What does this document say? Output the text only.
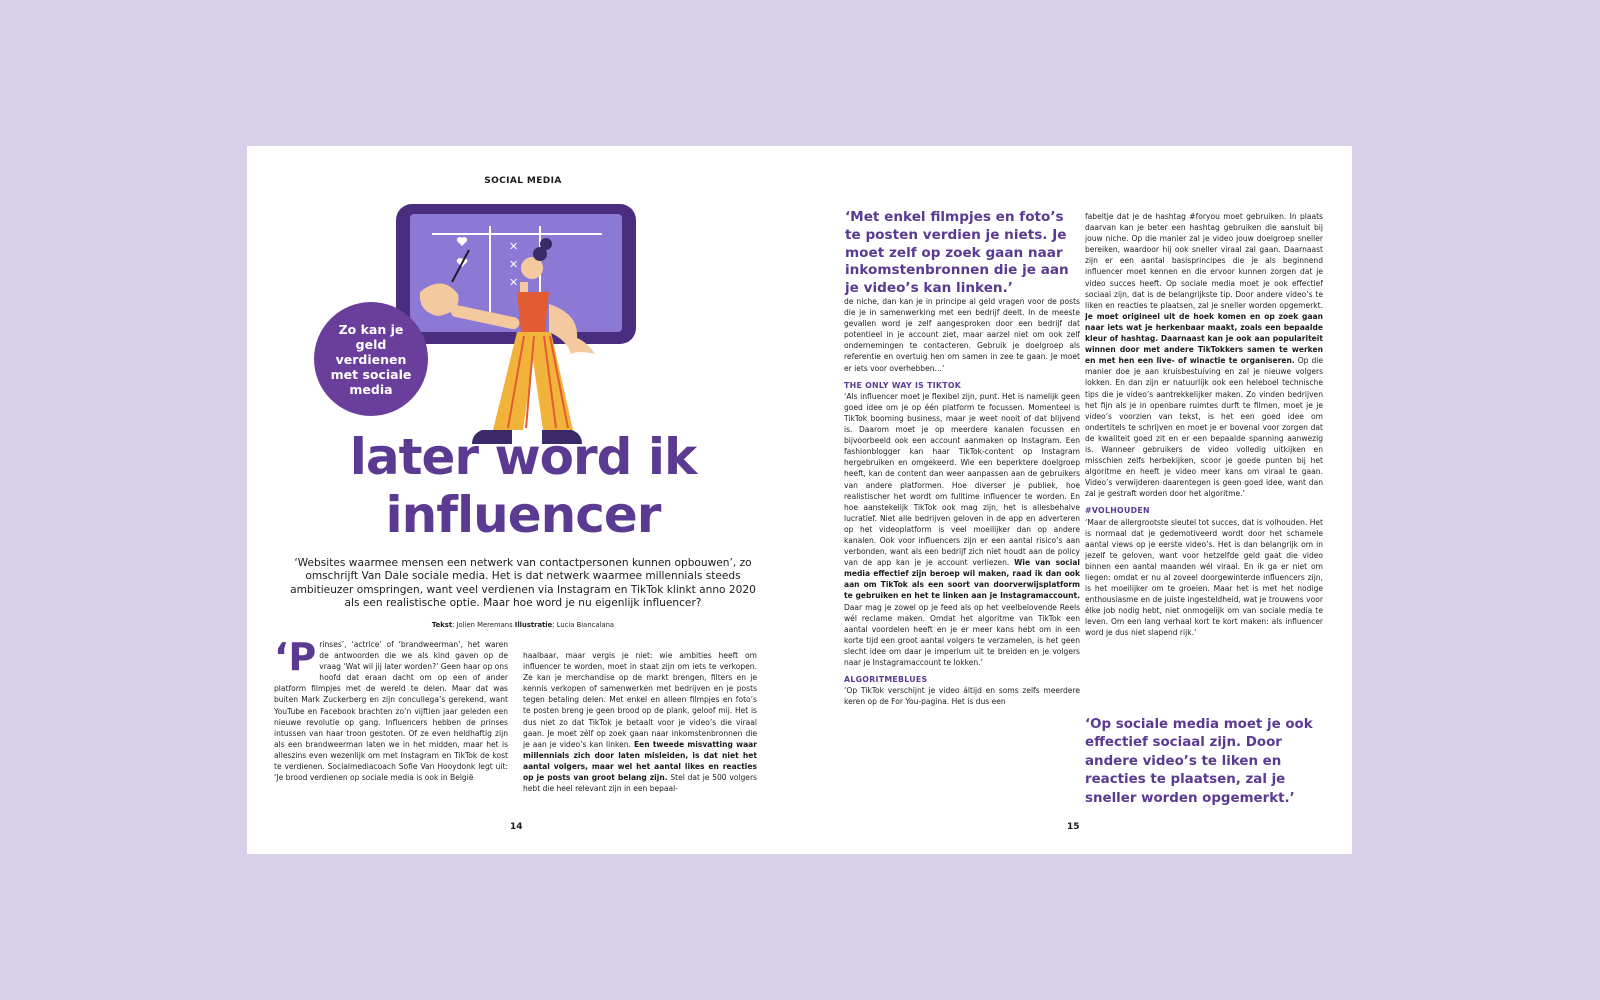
SOCIAL MEDIA
✕
✕
✕
Zo kan je geld verdienen met sociale media
later word ik
influencer
‘Websites waarmee mensen een netwerk van contactpersonen kunnen opbouwen’, zo omschrijft Van Dale sociale media. Het is dat netwerk waarmee millennials steeds ambitieuzer omspringen, want veel verdienen via Instagram en TikTok klinkt anno 2020 als een realistische optie. Maar hoe word je nu eigenlijk influencer?
Tekst: Jolien Meremans Illustratie: Lucia Biancalana
‘Prinses’, ‘actrice’ of ‘brandweerman’, het waren de antwoorden die we als kind gaven op de vraag ‘Wat wil jij later worden?’ Geen haar op ons hoofd dat eraan dacht om op een of ander platform filmpjes met de wereld te delen. Maar dat was buiten Mark Zuckerberg en zijn concullega’s gerekend, want YouTube en Facebook brachten zo’n vijftien jaar geleden een nieuwe revolutie op gang. Influencers hebben de prinses intussen van haar troon gestoten. Of ze even heldhaftig zijn als een brandweerman laten we in het midden, maar het is alleszins even wezenlijk om met Instagram en TikTok de kost te verdienen. Socialmediacoach Sofie Van Hooydonk legt uit: ‘Je brood verdienen op sociale media is ook in België
haalbaar, maar vergis je niet: wie ambities heeft om influencer te worden, moet in staat zijn om iets te verkopen. Ze kan je merchandise op de markt brengen, filters en je kennis verkopen of samenwerken met bedrijven en je posts tegen betaling delen. Met enkel en alleen filmpjes en foto’s te posten breng je geen brood op de plank, geloof mij. Het is dus niet zo dat TikTok je betaalt voor je video’s die viraal gaan. Je moet zélf op zoek gaan naar inkomstenbronnen die je aan je video’s kan linken. Een tweede misvatting waar millennials zich door laten misleiden, is dat niet het aantal volgers, maar wel het aantal likes en reacties op je posts van groot belang zijn. Stel dat je 500 volgers hebt die heel relevant zijn in een bepaal-
14
‘Met enkel filmpjes en foto’s te posten verdien je niets. Je moet zelf op zoek gaan naar inkomstenbronnen die je aan je video’s kan linken.’
de niche, dan kan je in principe al geld vragen voor de posts die je in samenwerking met een bedrijf deelt. In de meeste gevallen word je zelf aangesproken door een bedrijf dat potentieel in je account ziet, maar aarzel niet om ook zelf ondernemingen te contacteren. Gebruik je doelgroep als referentie en overtuig hen om samen in zee te gaan. Je moet er iets voor overhebben…’
THE ONLY WAY IS TIKTOK
‘Als influencer moet je flexibel zijn, punt. Het is namelijk geen goed idee om je op één platform te focussen. Momenteel is TikTok booming business, maar je weet nooit of dat blijvend is. Daarom moet je op meerdere kanalen focussen en bijvoorbeeld ook een account aanmaken op Instagram. Een fashionblogger kan haar TikTok-content op Instagram hergebruiken en omgekeerd. Wie een beperktere doelgroep heeft, kan de content dan weer aanpassen aan de gebruikers van andere platformen. Hoe diverser je publiek, hoe realistischer het wordt om fulltime influencer te worden. En hoe aanstekelijk TikTok ook mag zijn, het is allesbehalve lucratief. Niet alle bedrijven geloven in de app en adverteren op het videoplatform is veel moeilijker dan op andere kanalen. Ook voor influencers zijn er een aantal risico’s aan verbonden, want als een bedrijf zich niet houdt aan de policy van de app kan je je account verliezen. Wie van social media effectief zijn beroep wil maken, raad ik dan ook aan om TikTok als een soort van doorverwijsplatform te gebruiken en het te linken aan je Instagramaccount. Daar mag je zowel op je feed als op het veelbelovende Reels wél reclame maken. Omdat het algoritme van TikTok een aantal voordelen heeft en je er meer kans hebt om in een korte tijd een groot aantal volgers te verzamelen, is het geen slecht idee om daar je imperium uit te breiden en je volgers naar je Instagramaccount te lokken.’
ALGORITMEBLUES
‘Op TikTok verschijnt je video áltijd en soms zelfs meerdere keren op de For You-pagina. Het is dus een
fabeltje dat je de hashtag #foryou moet gebruiken. In plaats daarvan kan je beter een hashtag gebruiken die aansluit bij jouw niche. Op die manier zal je video jouw doelgroep sneller bereiken, waardoor hij ook sneller viraal zal gaan. Daarnaast zijn er een aantal basisprincipes die je als beginnend influencer moet kennen en die ervoor kunnen zorgen dat je video succes heeft. Op sociale media moet je ook effectief sociaal zijn, dat is de belangrijkste tip. Door andere video’s te liken en reacties te plaatsen, zal je sneller worden opgemerkt. Je moet origineel uit de hoek komen en op zoek gaan naar iets wat je herkenbaar maakt, zoals een bepaalde kleur of hashtag. Daarnaast kan je ook aan populariteit winnen door met andere TikTokkers samen te werken en met hen een live- of winactie te organiseren. Op die manier doe je aan kruisbestuiving en zal je nieuwe volgers lokken. En dan zijn er natuurlijk ook een heleboel technische tips die je video’s aantrekkelijker maken. Zo vinden bedrijven het fijn als je in openbare ruimtes durft te filmen, moet je je video’s voorzien van tekst, is het een goed idee om ondertitels te schrijven en moet je er bovenal voor zorgen dat de kwaliteit goed zit en er een bepaalde spanning aanwezig is. Wanneer gebruikers de video volledig uitkijken en misschien zelfs herbekijken, scoor je goede punten bij het algoritme en heeft je video meer kans om viraal te gaan. Video’s verwijderen daarentegen is geen goed idee, want dan zal je gestraft worden door het algoritme.’
#VOLHOUDEN
‘Maar de allergrootste sleutel tot succes, dat is volhouden. Het is normaal dat je gedemotiveerd wordt door het schamele aantal views op je eerste video’s. Het is dan belangrijk om in jezelf te geloven, want voor hetzelfde geld gaat die video binnen een aantal maanden wél viraal. En ik ga er niet om liegen: omdat er nu al zoveel doorgewinterde influencers zijn, is het moeilijker om te groeien. Maar het is met het nodige enthousiasme en de juiste ingesteldheid, wat je trouwens voor élke job nodig hebt, niet onmogelijk om van sociale media te leven. Om een lang verhaal kort te kort maken: als influencer word je dus niet slapend rijk.’
‘Op sociale media moet je ook effectief sociaal zijn. Door andere video’s te liken en reacties te plaatsen, zal je sneller worden opgemerkt.’
15
